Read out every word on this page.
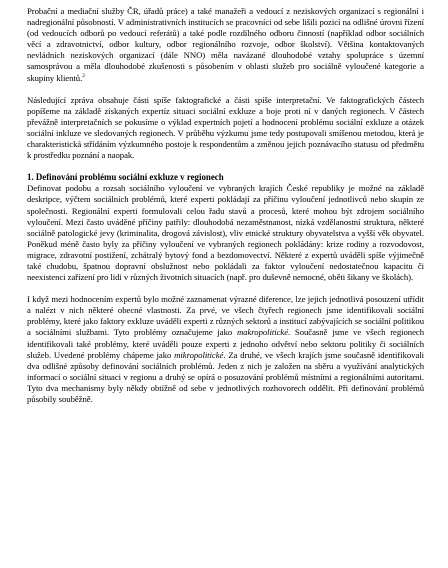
Probační a mediační služby ČR, úřadů práce) a také manažeři a vedoucí z neziskových organizací s regionální i nadregionální působností. V administrativních institucích se pracovníci od sebe lišili pozicí na odlišné úrovni řízení (od vedoucích odborů po vedoucí referátů) a také podle rozdílného odboru činností (například odbor sociálních věcí a zdravotnictví, odbor kultury, odbor regionálního rozvoje, odbor školství). Většina kontaktovaných nevládních neziskových organizací (dále NNO) měla navázané dlouhodobé vztahy spolupráce s územní samosprávou a měla dlouhodobé zkušenosti s působením v oblasti služeb pro sociálně vyloučené kategorie a skupiny klientů.$^2$

Následující zpráva obsahuje části spíše faktografické a části spíše interpretační. Ve faktografických částech popíšeme na základě získaných expertíz situaci sociální exkluze a boje proti ní v daných regionech. V částech převážně interpretačních se pokusíme o výklad expertních pojetí a hodnocení problému sociální exkluze a otázek sociální inkluze ve sledovaných regionech. V průběhu výzkumu jsme tedy postupovali smíšenou metodou, která je charakteristická střídáním výzkumného postoje k respondentům a změnou jejich poznávacího statusu od předmětu k prostředku poznání a naopak.

1. Definování problému sociální exkluze v regionech

Definovat podobu a rozsah sociálního vyloučení ve vybraných krajích České republiky je možné na základě deskripce, výčtem sociálních problémů, které experti pokládají za příčinu vyloučení jednotlivců nebo skupin ze společnosti. Regionální experti formulovali celou řadu stavů a procesů, které mohou být zdrojem sociálního vyloučení. Mezi často uváděné příčiny patřily: dlouhodobá nezaměstnanost, nízká vzdělanostní struktura, některé sociálně patologické jevy (kriminalita, drogová závislost), vliv etnické struktury obyvatelstva a vyšší věk obyvatel. Poněkud méně často byly za příčiny vyloučení ve vybraných regionech pokládány: krize rodiny a rozvodovost, migrace, zdravotní postižení, zchátralý bytový fond a bezdomovectví. Některé z expertů uváděli spíše výjimečně také chudobu, špatnou dopravní obslužnost nebo pokládali za faktor vyloučení nedostatečnou kapacitu či neexistenci zařízení pro lidi v různých životních situacích (např. pro duševně nemocné, oběti šikany ve školách).

I když mezi hodnocením expertů bylo možné zaznamenat výrazné diference, lze jejich jednotlivá posouzení utřídit a nalézt v nich některé obecné vlastnosti. Za prvé, ve všech čtyřech regionech jsme identifikovali sociální problémy, které jako faktory exkluze uváděli experti z různých sektorů a institucí zabývajících se sociální politikou a sociálními službami. Tyto problémy označujeme jako makropolitické. Současně jsme ve všech regionech identifikovali také problémy, které uváděli pouze experti z jednoho odvětví nebo sektoru politiky či sociálních služeb. Uvedené problémy chápeme jako mikropolitické. Za druhé, ve všech krajích jsme současně identifikovali dva odlišné způsoby definování sociálních problémů. Jeden z nich je založen na sběru a využívání analytických informací o sociální situaci v regionu a druhý se opírá o posuzování problémů místními a regionálními autoritami. Tyto dva mechanismy byly někdy obtížně od sebe v jednotlivých rozhovorech oddělit. Při definování problémů působily souběžně.
